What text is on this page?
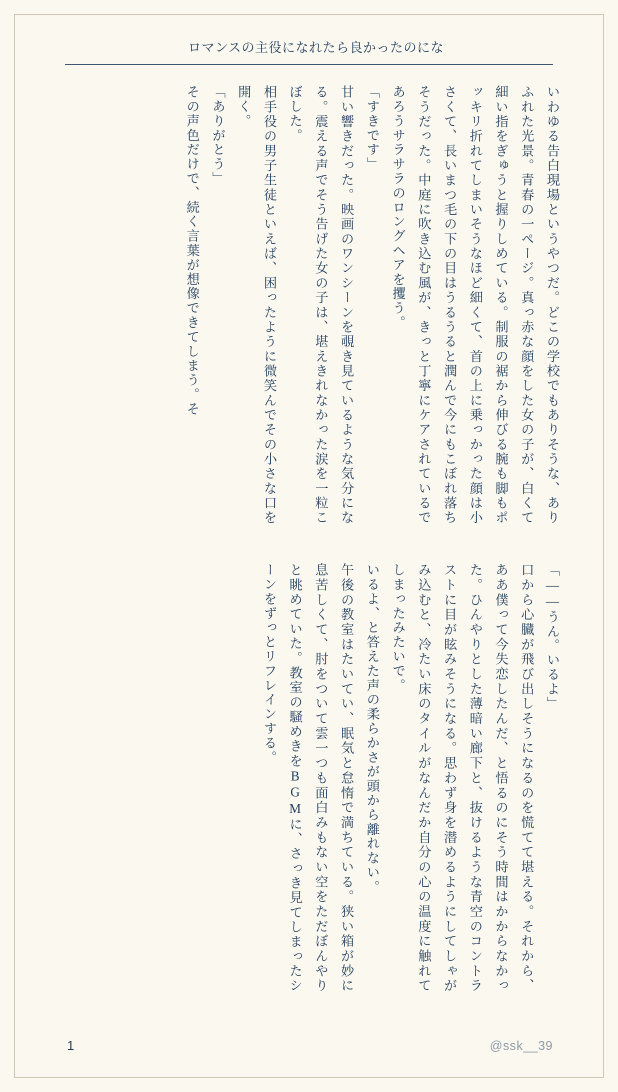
ロマンスの主役になれたら良かったのにな

いわゆる告白現場というやつだ。どこの学校でもありそうな、ありふれた光景。青春の一ページ。真っ赤な顔をした女の子が、白くて細い指をぎゅうと握りしめている。制服の裾から伸びる腕も脚もポッキリ折れてしまいそうなほど細くて、首の上に乗っかった顔は小さくて、長いまつ毛の下の目はうるうると潤んで今にもこぼれ落ちそうだった。中庭に吹き込む風が、きっと丁寧にケアされているであろうサラサラのロングヘアを攫う。

「すきです」

甘い響きだった。映画のワンシーンを覗き見ているような気分になる。震える声でそう告げた女の子は、堪えきれなかった涙を一粒こぼした。

相手役の男子生徒といえば、困ったように微笑んでその小さな口を開く。

「ありがとう」

その声色だけで、続く言葉が想像できてしまう。そ

「――うん。いるよ」

口から心臓が飛び出しそうになるのを慌てて堪える。それから、ああ僕って今失恋したんだ、と悟るのにそう時間はかからなかった。ひんやりとした薄暗い廊下と、抜けるような青空のコントラストに目が眩みそうになる。思わず身を潜めるようにしてしゃがみ込むと、冷たい床のタイルがなんだか自分の心の温度に触れてしまったみたいで。

いるよ、と答えた声の柔らかさが頭から離れない。

午後の教室はたいてい、眠気と怠惰で満ちている。狭い箱が妙に息苦しくて、肘をついて雲一つも面白みもない空をただぼんやりと眺めていた。教室の騒めきをBGMに、さっき見てしまったシーンをずっとリフレインする。

1	@ssk__39
